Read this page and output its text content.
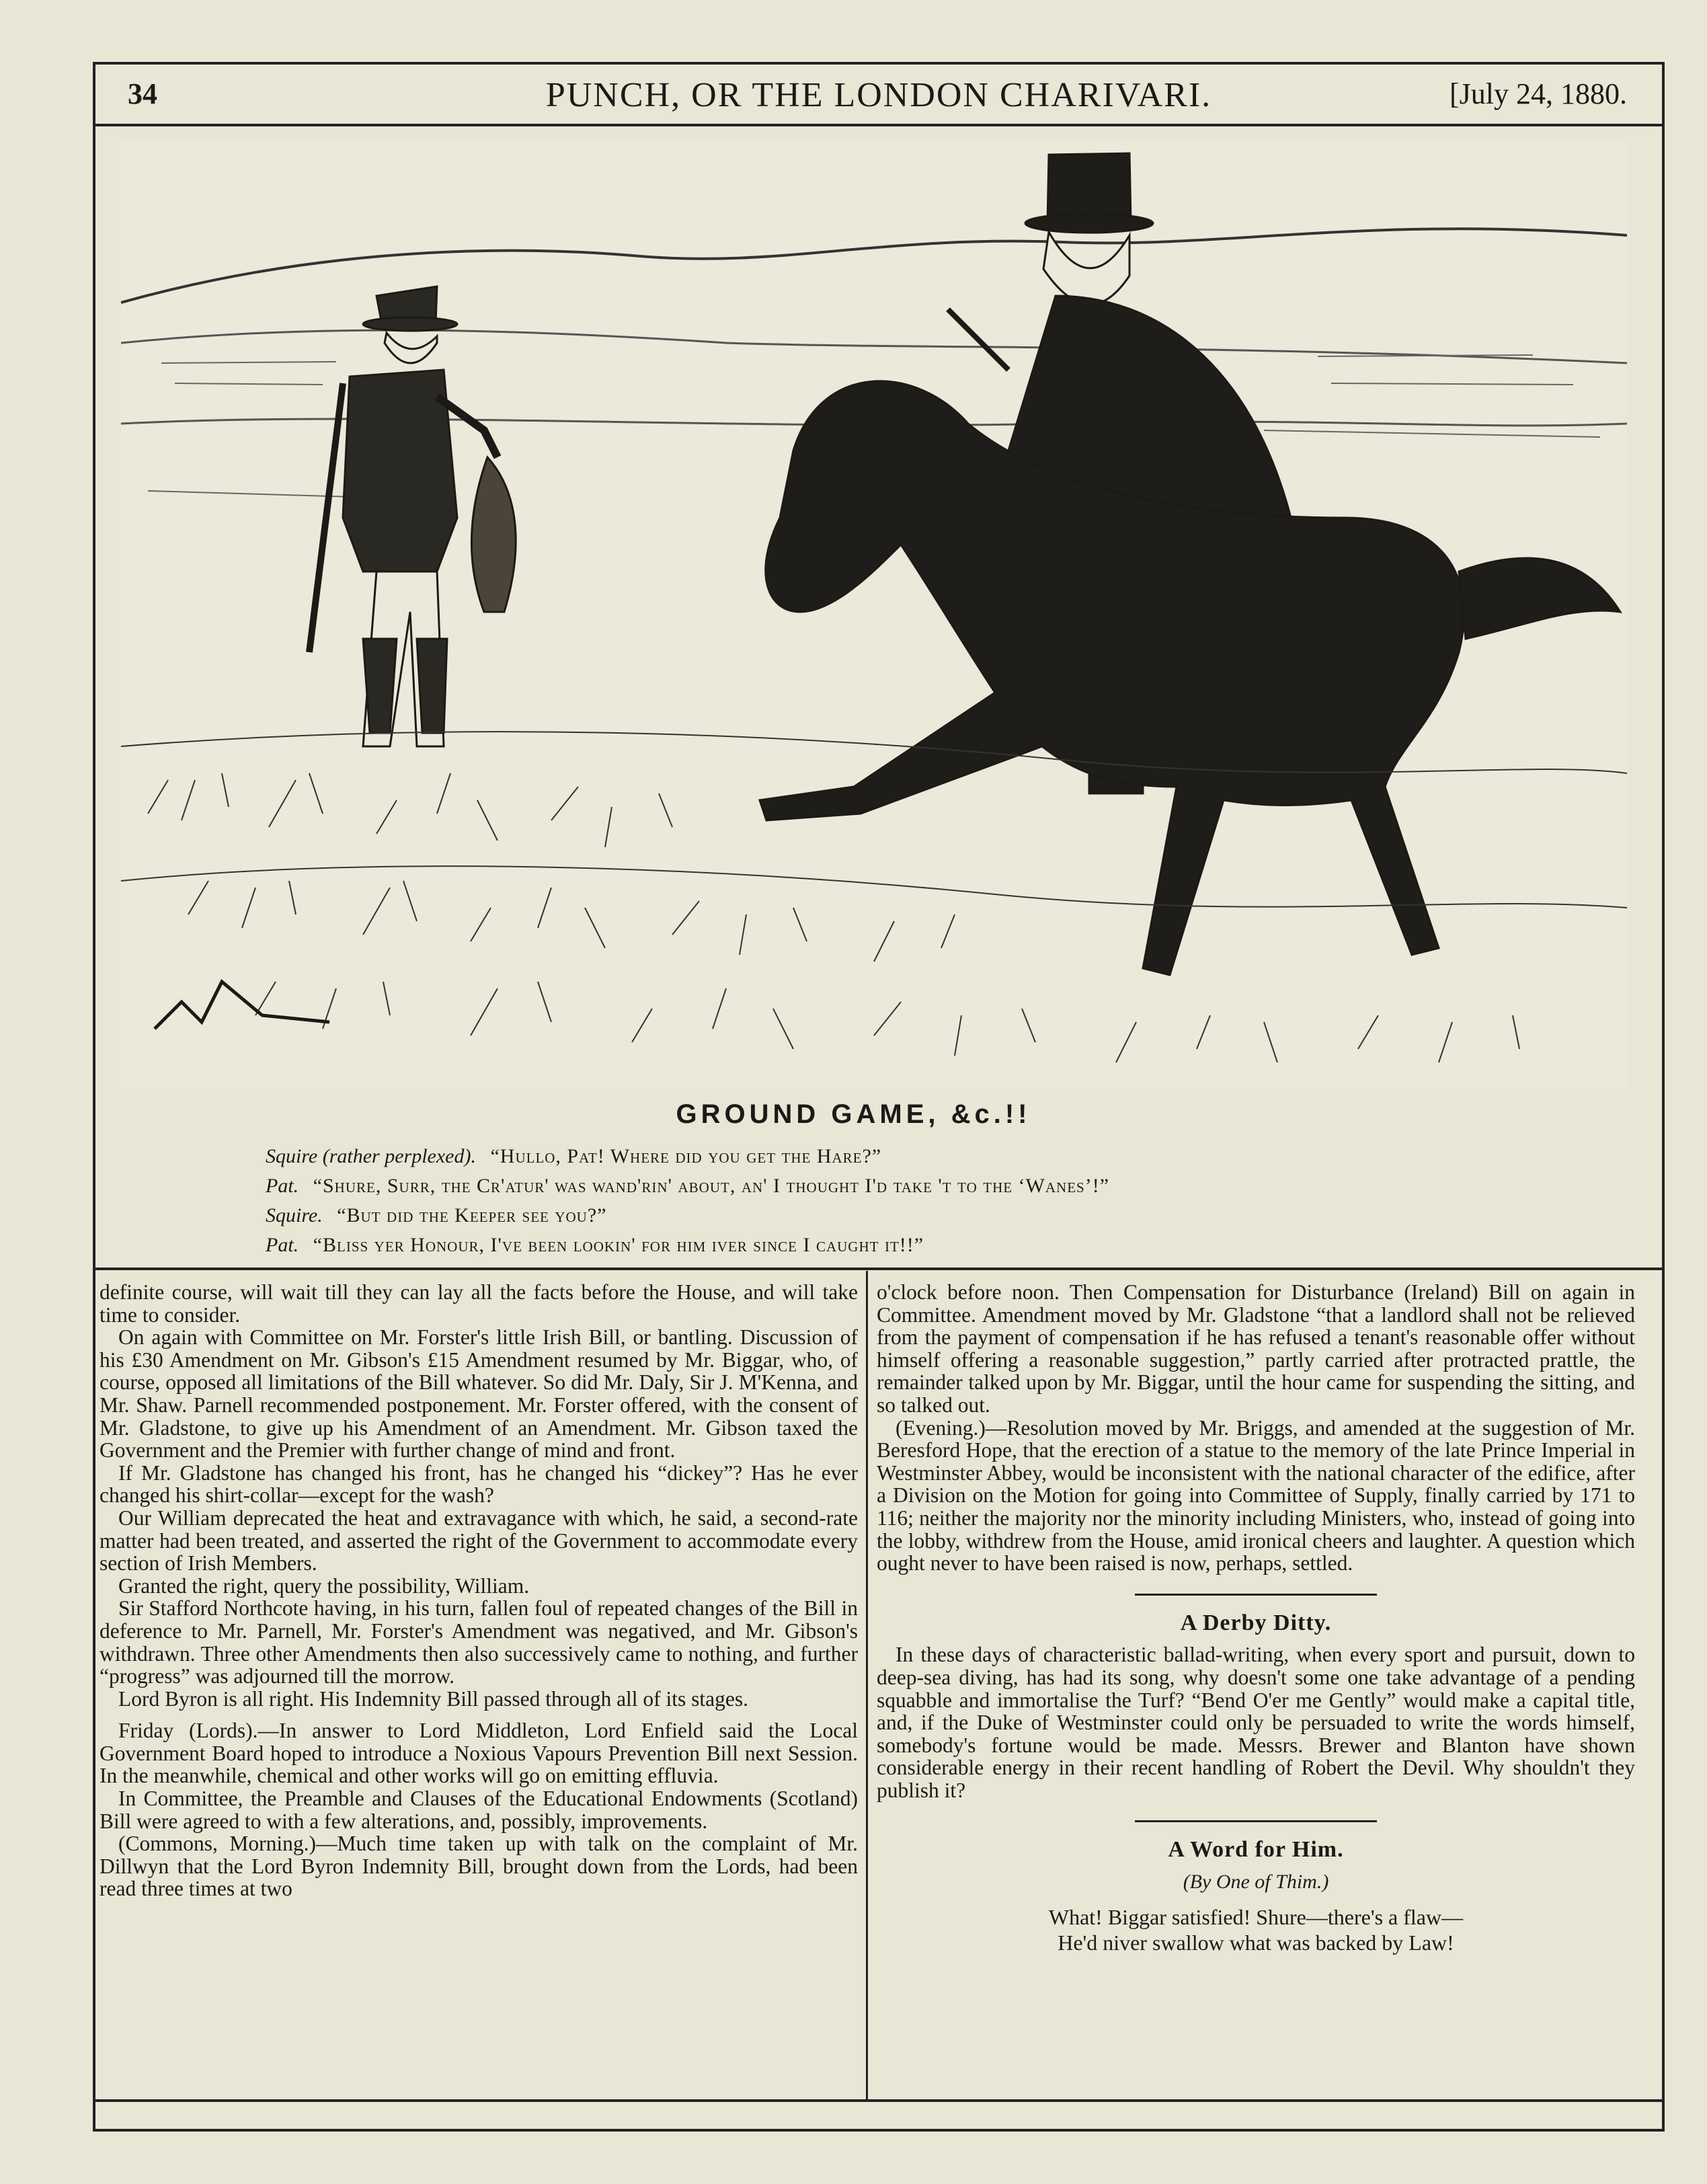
34	PUNCH, OR THE LONDON CHARIVARI.	[July 24, 1880.
GROUND GAME, &c.!!
Squire (rather perplexed). “Hullo, Pat! Where did you get the Hare?”
Pat. “Shure, Surr, the Cr'atur' was wand'rin' about, an' I thought I'd take 't to the ‘Wanes’!”
Squire. “But did the Keeper see you?”
Pat. “Bliss yer Honour, I've been lookin' for him iver since I caught it!!”

definite course, will wait till they can lay all the facts before the House, and will take time to consider.

On again with Committee on Mr. Forster's little Irish Bill, or bantling. Discussion of his £30 Amendment on Mr. Gibson's £15 Amendment resumed by Mr. Biggar, who, of course, opposed all limitations of the Bill whatever. So did Mr. Daly, Sir J. M'Kenna, and Mr. Shaw. Parnell recommended postponement. Mr. Forster offered, with the consent of Mr. Gladstone, to give up his Amendment of an Amendment. Mr. Gibson taxed the Government and the Premier with further change of mind and front.

If Mr. Gladstone has changed his front, has he changed his “dickey”? Has he ever changed his shirt-collar—except for the wash?

Our William deprecated the heat and extravagance with which, he said, a second-rate matter had been treated, and asserted the right of the Government to accommodate every section of Irish Members.

Granted the right, query the possibility, William.

Sir Stafford Northcote having, in his turn, fallen foul of repeated changes of the Bill in deference to Mr. Parnell, Mr. Forster's Amendment was negatived, and Mr. Gibson's withdrawn. Three other Amendments then also successively came to nothing, and further “progress” was adjourned till the morrow.

Lord Byron is all right. His Indemnity Bill passed through all of its stages.

Friday (Lords).—In answer to Lord Middleton, Lord Enfield said the Local Government Board hoped to introduce a Noxious Vapours Prevention Bill next Session. In the meanwhile, chemical and other works will go on emitting effluvia.

In Committee, the Preamble and Clauses of the Educational Endowments (Scotland) Bill were agreed to with a few alterations, and, possibly, improvements.

(Commons, Morning.)—Much time taken up with talk on the complaint of Mr. Dillwyn that the Lord Byron Indemnity Bill, brought down from the Lords, had been read three times at two

o'clock before noon. Then Compensation for Disturbance (Ireland) Bill on again in Committee. Amendment moved by Mr. Gladstone “that a landlord shall not be relieved from the payment of compensation if he has refused a tenant's reasonable offer without himself offering a reasonable suggestion,” partly carried after protracted prattle, the remainder talked upon by Mr. Biggar, until the hour came for suspending the sitting, and so talked out.

(Evening.)—Resolution moved by Mr. Briggs, and amended at the suggestion of Mr. Beresford Hope, that the erection of a statue to the memory of the late Prince Imperial in Westminster Abbey, would be inconsistent with the national character of the edifice, after a Division on the Motion for going into Committee of Supply, finally carried by 171 to 116; neither the majority nor the minority including Ministers, who, instead of going into the lobby, withdrew from the House, amid ironical cheers and laughter. A question which ought never to have been raised is now, perhaps, settled.

A Derby Ditty.

In these days of characteristic ballad-writing, when every sport and pursuit, down to deep-sea diving, has had its song, why doesn't some one take advantage of a pending squabble and immortalise the Turf? “Bend O'er me Gently” would make a capital title, and, if the Duke of Westminster could only be persuaded to write the words himself, somebody's fortune would be made. Messrs. Brewer and Blanton have shown considerable energy in their recent handling of Robert the Devil. Why shouldn't they publish it?

A Word for Him.
(By One of Thim.)
What! Biggar satisfied! Shure—there's a flaw—
He'd niver swallow what was backed by Law!
